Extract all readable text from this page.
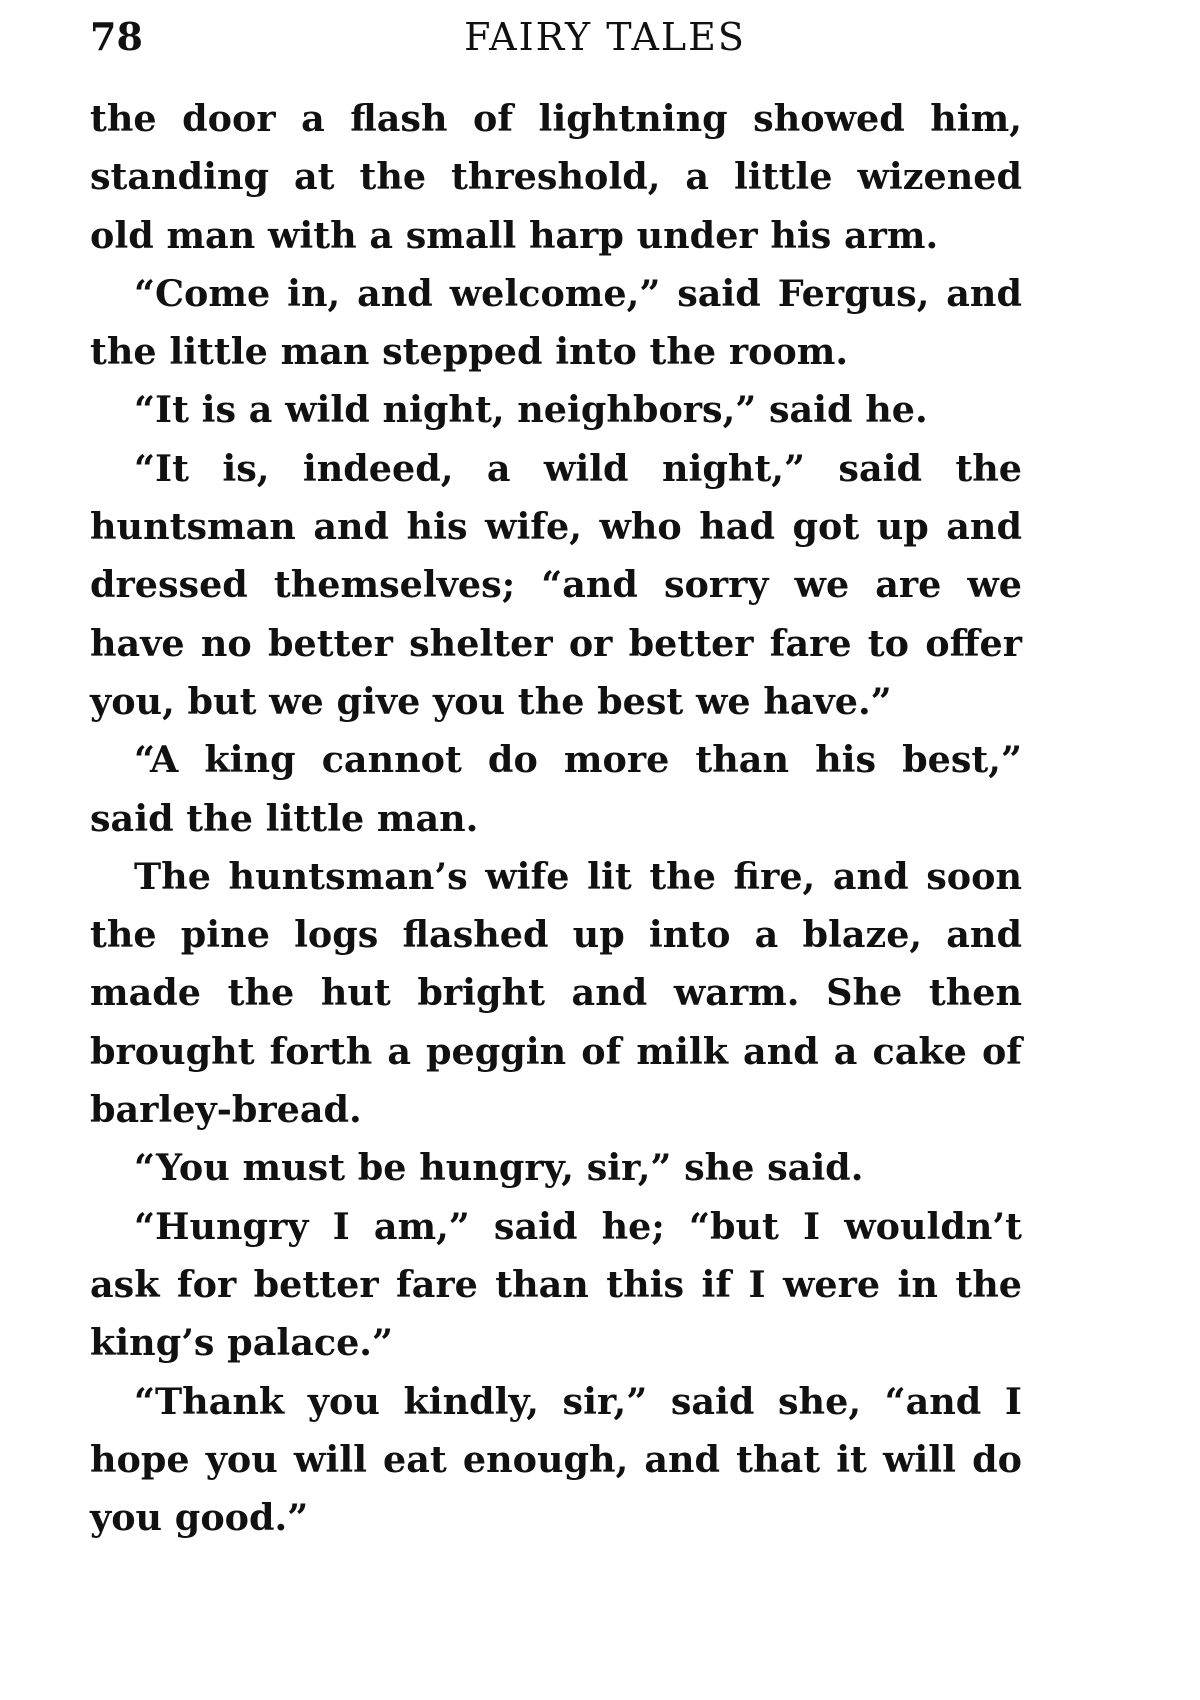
78	FAIRY TALES

the door a flash of lightning showed him, standing at the threshold, a little wizened old man with a small harp under his arm.

“Come in, and welcome,” said Fergus, and the little man stepped into the room.

“It is a wild night, neighbors,” said he.

“It is, indeed, a wild night,” said the huntsman and his wife, who had got up and dressed themselves; “and sorry we are we have no better shelter or better fare to offer you, but we give you the best we have.”

“A king cannot do more than his best,” said the little man.

The huntsman’s wife lit the fire, and soon the pine logs flashed up into a blaze, and made the hut bright and warm. She then brought forth a peggin of milk and a cake of barley-bread.

“You must be hungry, sir,” she said.

“Hungry I am,” said he; “but I wouldn’t ask for better fare than this if I were in the king’s palace.”

“Thank you kindly, sir,” said she, “and I hope you will eat enough, and that it will do you good.”
